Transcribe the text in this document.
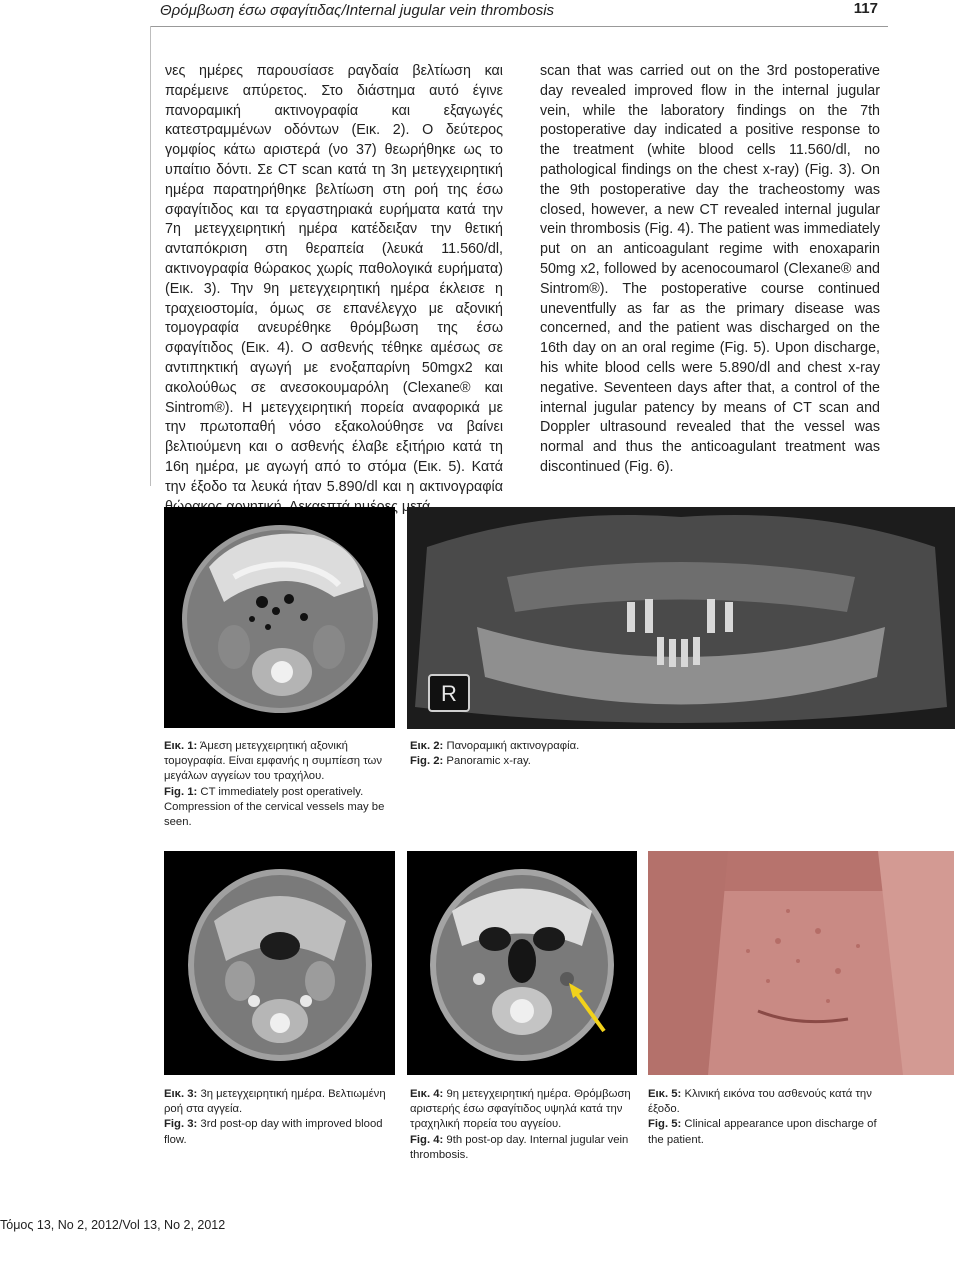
Θρόμβωση έσω σφαγίτιδας/Internal jugular vein thrombosis	117
νες ημέρες παρουσίασε ραγδαία βελτίωση και παρέμεινε απύρετος. Στο διάστημα αυτό έγινε πανοραμική ακτινογραφία και εξαγωγές κατεστραμμένων οδόντων (Εικ. 2). Ο δεύτερος γομφίος κάτω αριστερά (νο 37) θεωρήθηκε ως το υπαίτιο δόντι. Σε CT scan κατά τη 3η μετεγχειρητική ημέρα παρατηρήθηκε βελτίωση στη ροή της έσω σφαγίτιδος και τα εργαστηριακά ευρήματα κατά την 7η μετεγχειρητική ημέρα κατέδειξαν την θετική ανταπόκριση στη θεραπεία (λευκά 11.560/dl, ακτινογραφία θώρακος χωρίς παθολογικά ευρήματα) (Εικ. 3). Την 9η μετεγχειρητική ημέρα έκλεισε η τραχειοστομία, όμως σε επανέλεγχο με αξονική τομογραφία ανευρέθηκε θρόμβωση της έσω σφαγίτιδος (Εικ. 4). Ο ασθενής τέθηκε αμέσως σε αντιπηκτική αγωγή με ενοξαπαρίνη 50mgx2 και ακολούθως σε ανεσοκουμαρόλη (Clexane® και Sintrom®). Η μετεγχειρητική πορεία αναφορικά με την πρωτοπαθή νόσο εξακολούθησε να βαίνει βελτιούμενη και ο ασθενής έλαβε εξιτήριο κατά τη 16η ημέρα, με αγωγή από το στόμα (Εικ. 5). Κατά την έξοδο τα λευκά ήταν 5.890/dl και η ακτινογραφία
scan that was carried out on the 3rd postoperative day revealed improved flow in the internal jugular vein, while the laboratory findings on the 7th postoperative day indicated a positive response to the treatment (white blood cells 11.560/dl, no pathological findings on the chest x-ray) (Fig. 3). On the 9th postoperative day the tracheostomy was closed, however, a new CT revealed internal jugular vein thrombosis (Fig. 4). The patient was immediately put on an anticoagulant regime with enoxaparin 50mg x2, followed by acenocoumarol (Clexane® and Sintrom®). The postoperative course continued uneventfully as far as the primary disease was concerned, and the patient was discharged on the 16th day on an oral regime (Fig. 5). Upon discharge, his white blood cells were 5.890/dl and chest x-ray negative. Seventeen days after that, a control of the internal jugular patency by means of CT scan and Doppler ultrasound revealed that the vessel was normal and thus the anticoagulant treatment was discontinued (Fig. 6).
R
Εικ. 1: Άμεση μετεγχειρητική αξονική τομογραφία. Είναι εμφανής η συμπίεση των μεγάλων αγγείων του τραχήλου.
Fig. 1: CT immediately post operatively. Compression of the cervical vessels may be seen.
Εικ. 2: Πανοραμική ακτινογραφία.
Fig. 2: Panoramic x-ray.
Εικ. 3: 3η μετεγχειρητική ημέρα. Βελτιωμένη ροή στα αγγεία.
Fig. 3: 3rd post-op day with improved blood flow.
Εικ. 4: 9η μετεγχειρητική ημέρα. Θρόμβωση αριστερής έσω σφαγίτιδος υψηλά κατά την τραχηλική πορεία του αγγείου.
Fig. 4: 9th post-op day. Internal jugular vein thrombosis.
Εικ. 5: Κλινική εικόνα του ασθενούς κατά την έξοδο.
Fig. 5: Clinical appearance upon discharge of the patient.
Τόμος 13, No 2, 2012/Vol 13, No 2, 2012
